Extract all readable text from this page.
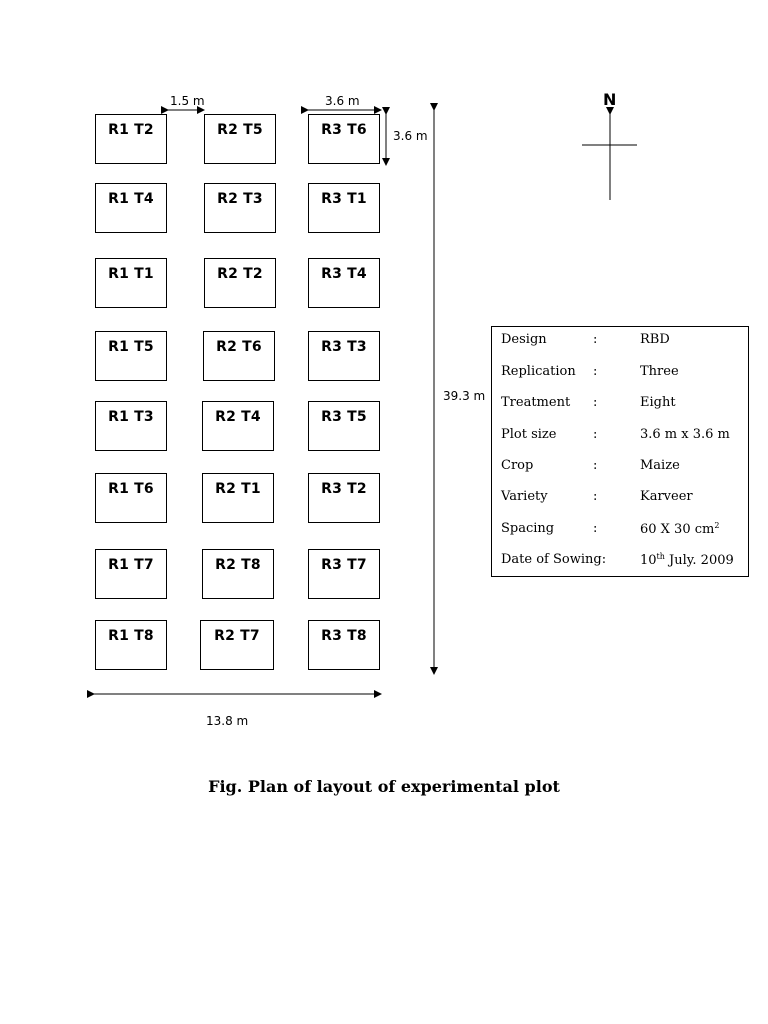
R1 T2	R2 T5	R3 T6
R1 T4	R2 T3	R3 T1
R1 T1	R2 T2	R3 T4
R1 T5	R2 T6	R3 T3
R1 T3	R2 T4	R3 T5
R1 T6	R2 T1	R3 T2
R1 T7	R2 T8	R3 T7
R1 T8	R2 T7	R3 T8
1.5 m	3.6 m
3.6 m
39.3 m
13.8 m
N
Design	:	RBD
Replication :	Three
Treatment :	Eight
Plot size	:	3.6 m x 3.6 m
Crop	:	Maize
Variety	:	Karveer
Spacing	:	60 X 30 $cm^2$
Date of Sowing:	10th July. 2009
Fig. Plan of layout of experimental plot
